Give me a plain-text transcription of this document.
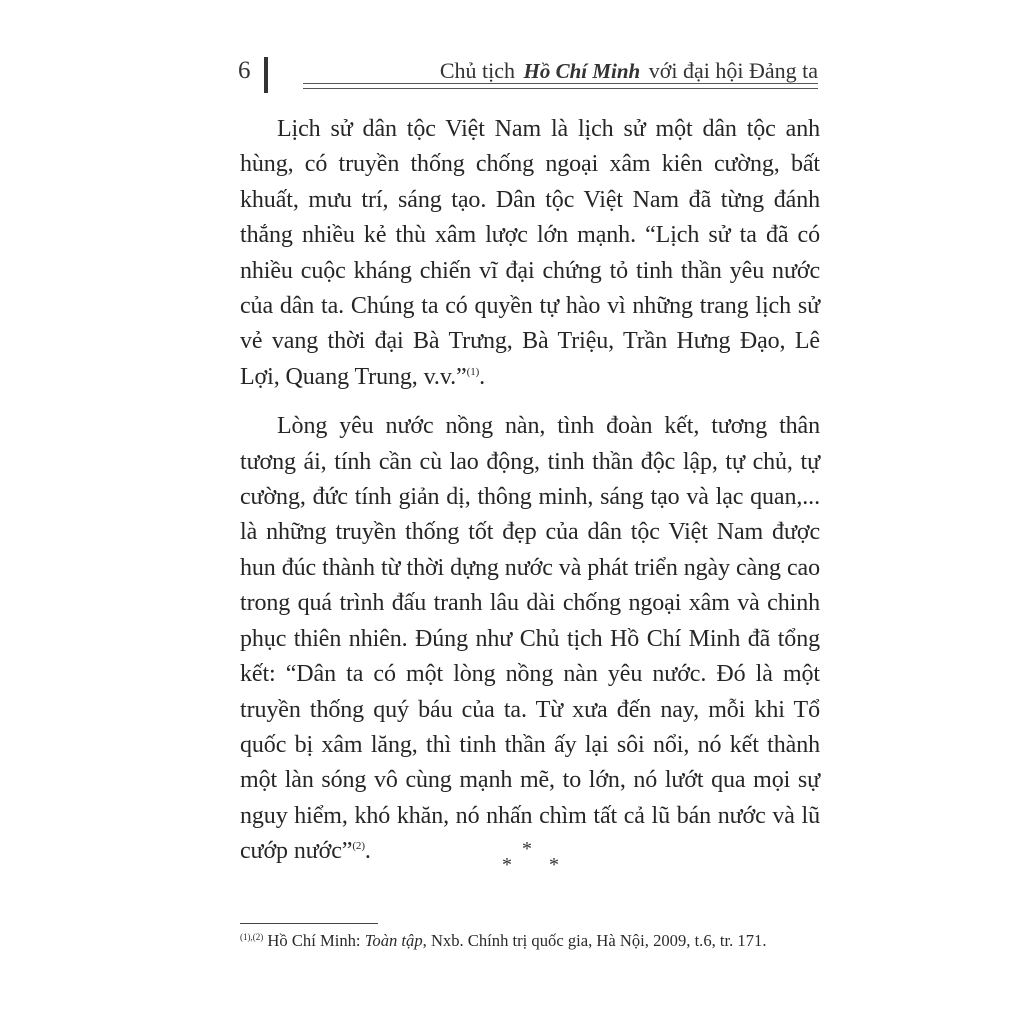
6	Chủ tịch Hồ Chí Minh với đại hội Đảng ta

Lịch sử dân tộc Việt Nam là lịch sử một dân tộc anh hùng, có truyền thống chống ngoại xâm kiên cường, bất khuất, mưu trí, sáng tạo. Dân tộc Việt Nam đã từng đánh thắng nhiều kẻ thù xâm lược lớn mạnh. “Lịch sử ta đã có nhiều cuộc kháng chiến vĩ đại chứng tỏ tinh thần yêu nước của dân ta. Chúng ta có quyền tự hào vì những trang lịch sử vẻ vang thời đại Bà Trưng, Bà Triệu, Trần Hưng Đạo, Lê Lợi, Quang Trung, v.v.”$^{(1)}$.

Lòng yêu nước nồng nàn, tình đoàn kết, tương thân tương ái, tính cần cù lao động, tinh thần độc lập, tự chủ, tự cường, đức tính giản dị, thông minh, sáng tạo và lạc quan,... là những truyền thống tốt đẹp của dân tộc Việt Nam được hun đúc thành từ thời dựng nước và phát triển ngày càng cao trong quá trình đấu tranh lâu dài chống ngoại xâm và chinh phục thiên nhiên. Đúng như Chủ tịch Hồ Chí Minh đã tổng kết: “Dân ta có một lòng nồng nàn yêu nước. Đó là một truyền thống quý báu của ta. Từ xưa đến nay, mỗi khi Tổ quốc bị xâm lăng, thì tinh thần ấy lại sôi nổi, nó kết thành một làn sóng vô cùng mạnh mẽ, to lớn, nó lướt qua mọi sự nguy hiểm, khó khăn, nó nhấn chìm tất cả lũ bán nước và lũ cướp nước”$^{(2)}$.	*
* *
$^{(1),(2)}$ Hồ Chí Minh: Toàn tập, Nxb. Chính trị quốc gia, Hà Nội, 2009, t.6, tr. 171.
